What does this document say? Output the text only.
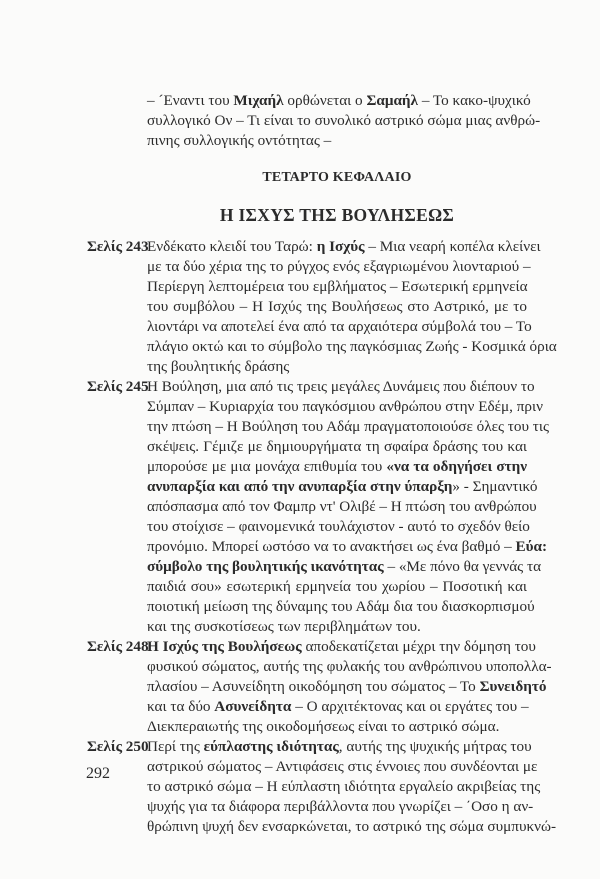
– ´Εναντι του Μιχαήλ ορθώνεται ο Σαμαήλ – Το κακο-ψυχικό
συλλογικό Ον – Τι είναι το συνολικό αστρικό σώμα μιας ανθρώ-
πινης συλλογικής οντότητας –
ΤΕΤΑΡΤΟ ΚΕΦΑΛΑΙΟ
Η ΙΣΧΥΣ ΤΗΣ ΒΟΥΛΗΣΕΩΣ
Σελίς 243
Ενδέκατο κλειδί του Ταρώ: η Ισχύς – Μια νεαρή κοπέλα κλείνει
με τα δύο χέρια της το ρύγχος ενός εξαγριωμένου λιονταριού –
Περίεργη λεπτομέρεια του εμβλήματος – Εσωτερική ερμηνεία
του συμβόλου – Η Ισχύς της Βουλήσεως στο Αστρικό, με το
λιοντάρι να αποτελεί ένα από τα αρχαιότερα σύμβολά του – Το
πλάγιο οκτώ και το σύμβολο της παγκόσμιας Ζωής - Κοσμικά όρια
της βουλητικής δράσης
Σελίς 245
Η Βούληση, μια από τις τρεις μεγάλες Δυνάμεις που διέπουν το
Σύμπαν – Κυριαρχία του παγκόσμιου ανθρώπου στην Εδέμ, πριν
την πτώση – Η Βούληση του Αδάμ πραγματοποιούσε όλες του τις
σκέψεις. Γέμιζε με δημιουργήματα τη σφαίρα δράσης του και
μπορούσε με μια μονάχα επιθυμία του «να τα οδηγήσει στην
ανυπαρξία και από την ανυπαρξία στην ύπαρξη» - Σημαντικό
απόσπασμα από τον Φαμπρ ντ' Ολιβέ – Η πτώση του ανθρώπου
του στοίχισε – φαινομενικά τουλάχιστον - αυτό το σχεδόν θείο
προνόμιο. Μπορεί ωστόσο να το ανακτήσει ως ένα βαθμό – Εύα:
σύμβολο της βουλητικής ικανότητας – «Με πόνο θα γεννάς τα
παιδιά σου» εσωτερική ερμηνεία του χωρίου – Ποσοτική και
ποιοτική μείωση της δύναμης του Αδάμ δια του διασκορπισμού
και της συσκοτίσεως των περιβλημάτων του.
Σελίς 248
Η Ισχύς της Βουλήσεως αποδεκατίζεται μέχρι την δόμηση του
φυσικού σώματος, αυτής της φυλακής του ανθρώπινου υποπολλα-
πλασίου – Ασυνείδητη οικοδόμηση του σώματος – Το Συνειδητό
και τα δύο Ασυνείδητα – Ο αρχιτέκτονας και οι εργάτες του –
Διεκπεραιωτής της οικοδομήσεως είναι το αστρικό σώμα.
Σελίς 250
Περί της εύπλαστης ιδιότητας, αυτής της ψυχικής μήτρας του
αστρικού σώματος – Αντιφάσεις στις έννοιες που συνδέονται με
το αστρικό σώμα – Η εύπλαστη ιδιότητα εργαλείο ακριβείας της
ψυχής για τα διάφορα περιβάλλοντα που γνωρίζει – ΄Οσο η αν-
θρώπινη ψυχή δεν ενσαρκώνεται, το αστρικό της σώμα συμπυκνώ-
292
